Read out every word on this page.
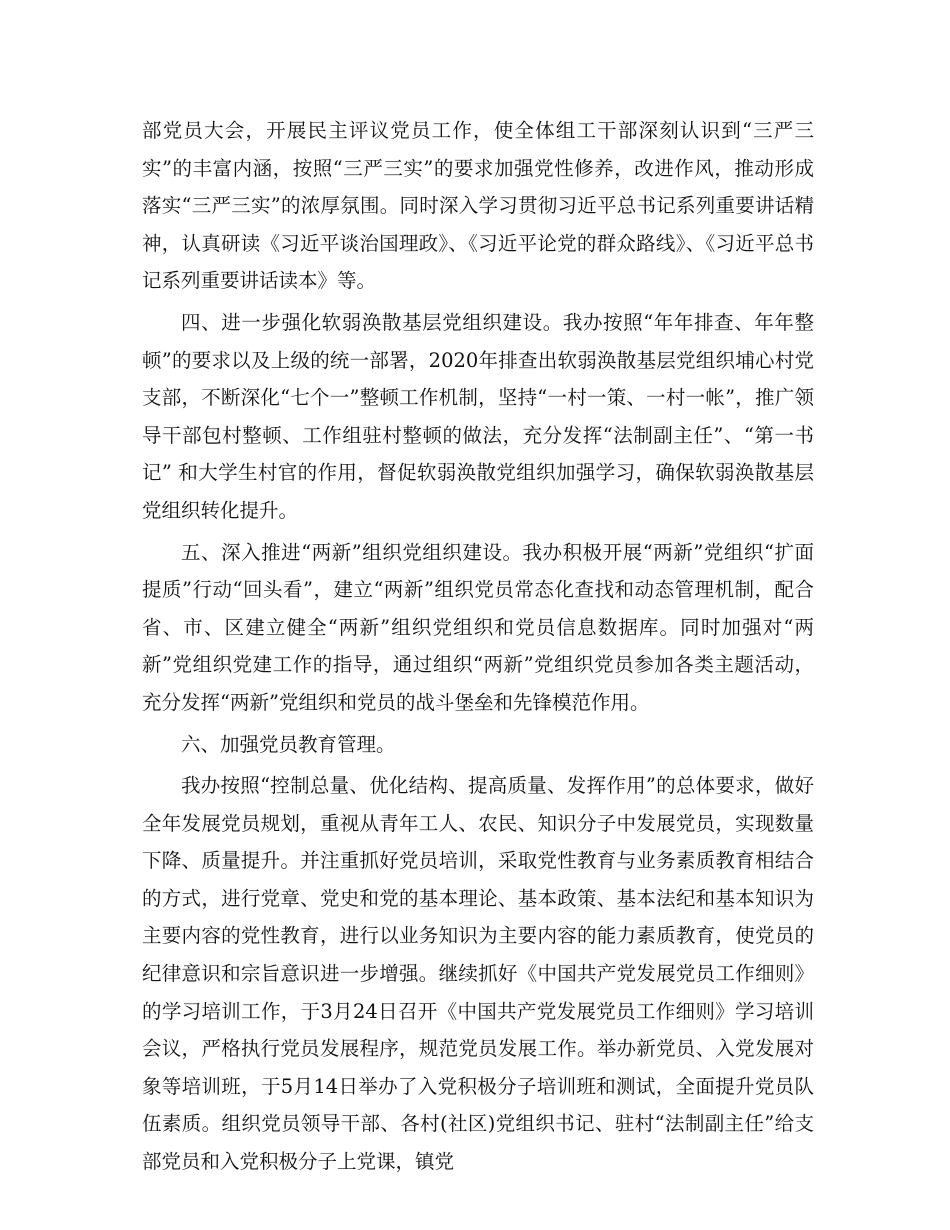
部党员大会，开展民主评议党员工作，使全体组工干部深刻认识到“三严三实”的丰富内涵，按照“三严三实”的要求加强党性修养，改进作风，推动形成落实“三严三实”的浓厚氛围。同时深入学习贯彻习近平总书记系列重要讲话精神，认真研读《习近平谈治国理政》、《习近平论党的群众路线》、《习近平总书记系列重要讲话读本》等。

四、进一步强化软弱涣散基层党组织建设。我办按照“年年排查、年年整顿”的要求以及上级的统一部署，2020年排查出软弱涣散基层党组织埔心村党支部，不断深化“七个一”整顿工作机制，坚持“一村一策、一村一帐”，推广领导干部包村整顿、工作组驻村整顿的做法，充分发挥“法制副主任”、“第一书记” 和大学生村官的作用，督促软弱涣散党组织加强学习，确保软弱涣散基层党组织转化提升。

五、深入推进“两新”组织党组织建设。我办积极开展“两新”党组织“扩面提质”行动“回头看”，建立“两新”组织党员常态化查找和动态管理机制，配合省、市、区建立健全“两新”组织党组织和党员信息数据库。同时加强对“两新”党组织党建工作的指导，通过组织“两新”党组织党员参加各类主题活动，充分发挥“两新”党组织和党员的战斗堡垒和先锋模范作用。

六、加强党员教育管理。

我办按照“控制总量、优化结构、提高质量、发挥作用”的总体要求，做好全年发展党员规划，重视从青年工人、农民、知识分子中发展党员，实现数量下降、质量提升。并注重抓好党员培训，采取党性教育与业务素质教育相结合的方式，进行党章、党史和党的基本理论、基本政策、基本法纪和基本知识为主要内容的党性教育，进行以业务知识为主要内容的能力素质教育，使党员的纪律意识和宗旨意识进一步增强。继续抓好《中国共产党发展党员工作细则》的学习培训工作，于3月24日召开《中国共产党发展党员工作细则》学习培训会议，严格执行党员发展程序，规范党员发展工作。举办新党员、入党发展对象等培训班，于5月14日举办了入党积极分子培训班和测试，全面提升党员队伍素质。组织党员领导干部、各村(社区)党组织书记、驻村“法制副主任”给支部党员和入党积极分子上党课，镇党
